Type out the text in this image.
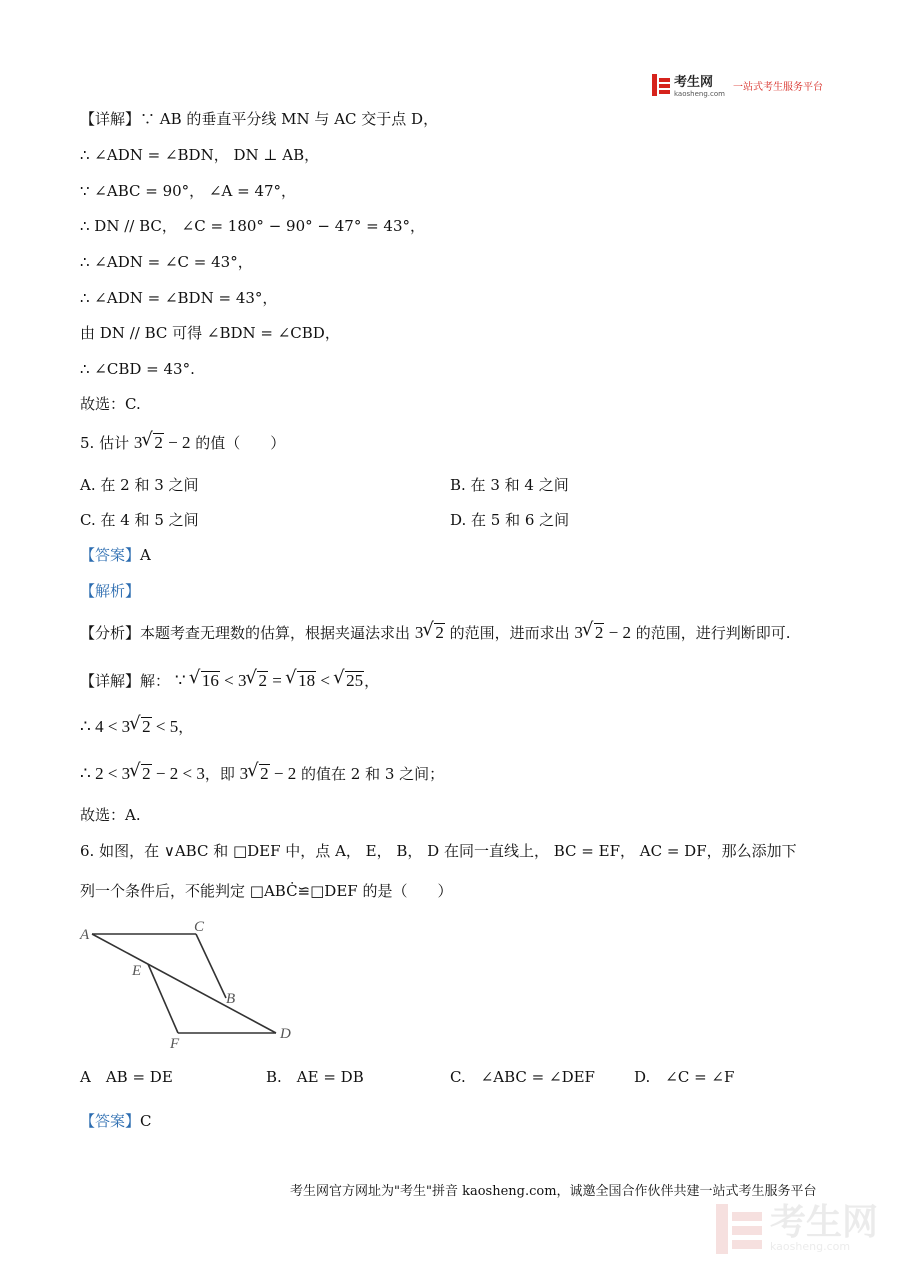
考生网
kaosheng.com
一站式考生服务平台
【详解】∵ AB 的垂直平分线 MN 与 AC 交于点 D，
∴ ∠ADN = ∠BDN， DN ⊥ AB，
∵ ∠ABC = 90°， ∠A = 47°，
∴ DN // BC， ∠C = 180° − 90° − 47° = 43°，
∴ ∠ADN = ∠C = 43°，
∴ ∠ADN = ∠BDN = 43°，
由 DN // BC 可得 ∠BDN = ∠CBD，
∴ ∠CBD = 43°.
故选：C.
5. 估计 3 √ 2 − 2 的值（　　）
A. 在 2 和 3 之间	B. 在 3 和 4 之间
C. 在 4 和 5 之间	D. 在 5 和 6 之间
【答案】A
【解析】
【分析】本题考查无理数的估算，根据夹逼法求出 3 √ 2 的范围，进而求出 3 √ 2 − 2 的范围，进行判断即可.
【详解】解： ∵ √ 16 < 3 √ 2 = √ 18 < √ 25，
∴ 4 < 3 √ 2 < 5，
∴ 2 < 3 √ 2 − 2 < 3，即 3 √ 2 − 2 的值在 2 和 3 之间；
故选：A.
6. 如图，在 ∨ABC 和 □DEF 中，点 A， E， B， D 在同一直线上， BC = EF， AC = DF，那么添加下
列一个条件后，不能判定 □ABĊ≌□DEF 的是（　　）
A	C
E
B
F
D
A　AB = DE	B.　AE = DB	C.　∠ABC = ∠DEF	D.　∠C = ∠F
【答案】C
考生网官方网址为"考生"拼音 kaosheng.com，诚邀全国合作伙伴共建一站式考生服务平台
考生网
kaosheng.com
